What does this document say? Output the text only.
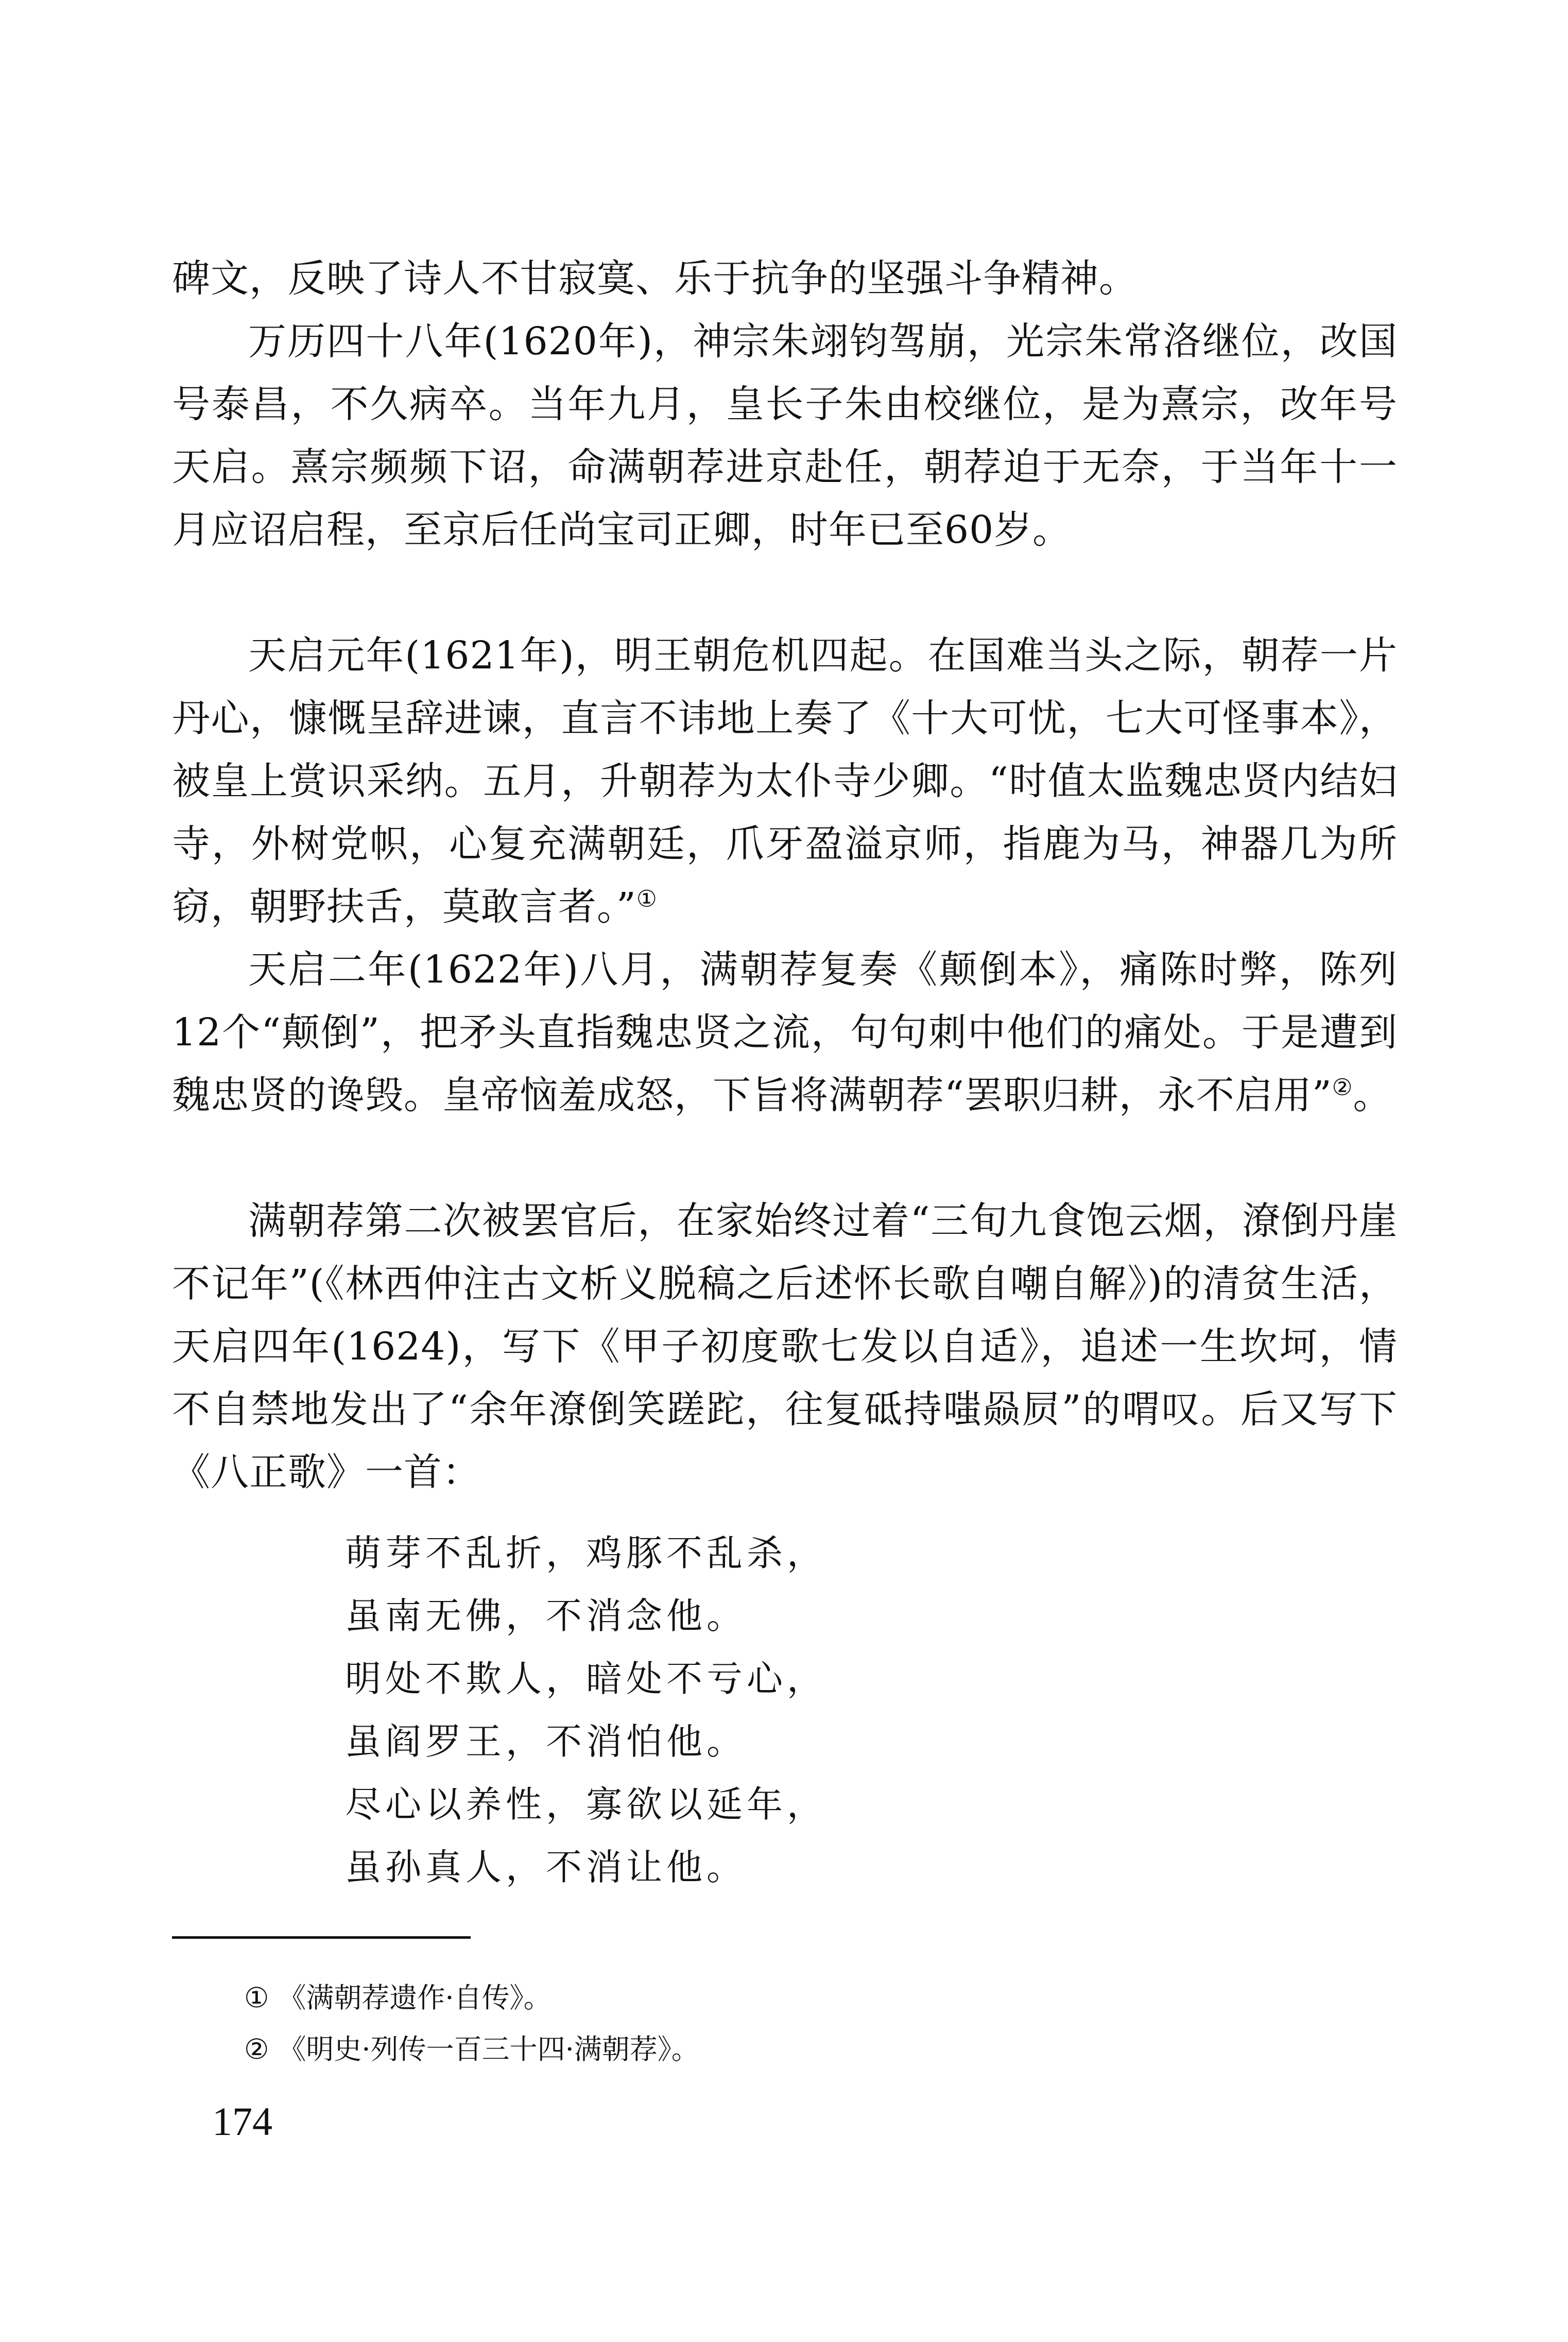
碑文，反映了诗人不甘寂寞、乐于抗争的坚强斗争精神。

万历四十八年(1620年)，神宗朱翊钧驾崩，光宗朱常洛继位，改国号泰昌，不久病卒。当年九月，皇长子朱由校继位，是为熹宗，改年号天启。熹宗频频下诏，命满朝荐进京赴任，朝荐迫于无奈，于当年十一月应诏启程，至京后任尚宝司正卿，时年已至60岁。

天启元年(1621年)，明王朝危机四起。在国难当头之际，朝荐一片丹心，慷慨呈辞进谏，直言不讳地上奏了《十大可忧，七大可怪事本》，被皇上赏识采纳。五月，升朝荐为太仆寺少卿。“时值太监魏忠贤内结妇寺，外树党帜，心复充满朝廷，爪牙盈溢京师，指鹿为马，神器几为所窃，朝野扶舌，莫敢言者。”①

天启二年(1622年)八月，满朝荐复奏《颠倒本》，痛陈时弊，陈列12个“颠倒”，把矛头直指魏忠贤之流，句句刺中他们的痛处。于是遭到魏忠贤的谗毁。皇帝恼羞成怒，下旨将满朝荐“罢职归耕，永不启用”②。

满朝荐第二次被罢官后，在家始终过着“三旬九食饱云烟，潦倒丹崖不记年”(《林西仲注古文析义脱稿之后述怀长歌自嘲自解》)的清贫生活，天启四年(1624)，写下《甲子初度歌七发以自适》，追述一生坎坷，情不自禁地发出了“余年潦倒笑蹉跎，往复砥持嗤赑屃”的喟叹。后又写下《八正歌》一首：

萌芽不乱折，鸡豚不乱杀，
虽南无佛，不消念他。
明处不欺人，暗处不亏心，
虽阎罗王，不消怕他。
尽心以养性，寡欲以延年，
虽孙真人，不消让他。
① 《满朝荐遗作·自传》。
② 《明史·列传一百三十四·满朝荐》。
174
